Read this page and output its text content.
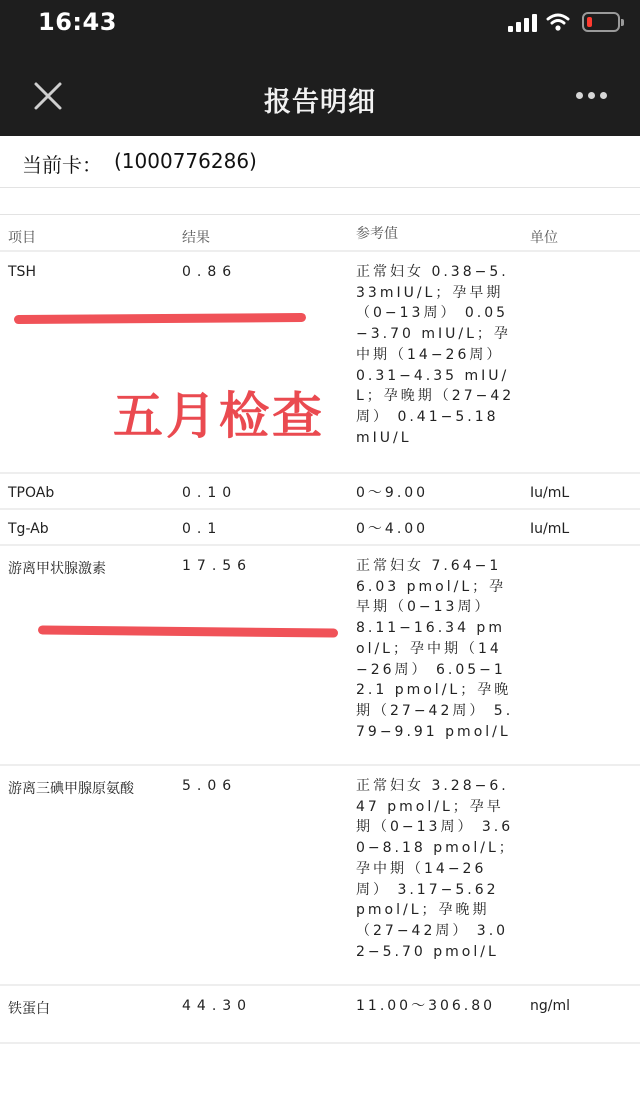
16:43
报告明细
当前卡： (1000776286)
项目	结果	参考值	单位
TSH	0.86	正常妇女 0.38−5.33mIU/L；孕早期（0−13周） 0.05−3.70 mIU/L；孕中期（14−26周） 0.31−4.35 mIU/L；孕晚期（27−42周） 0.41−5.18 mIU/L
TPOAb	0.10	0～9.00	Iu/mL
Tg-Ab	0.1	0～4.00	Iu/mL
游离甲状腺激素	17.56	正常妇女 7.64−16.03 pmol/L；孕早期（0−13周） 8.11−16.34 pmol/L；孕中期（14−26周） 6.05−12.1 pmol/L；孕晚期（27−42周） 5.79−9.91 pmol/L
游离三碘甲腺原氨酸	5.06	正常妇女 3.28−6.47 pmol/L；孕早期（0−13周） 3.60−8.18 pmol/L；孕中期（14−26周） 3.17−5.62 pmol/L；孕晚期（27−42周） 3.02−5.70 pmol/L
铁蛋白	44.30	11.00～306.80	ng/ml
五月检查
